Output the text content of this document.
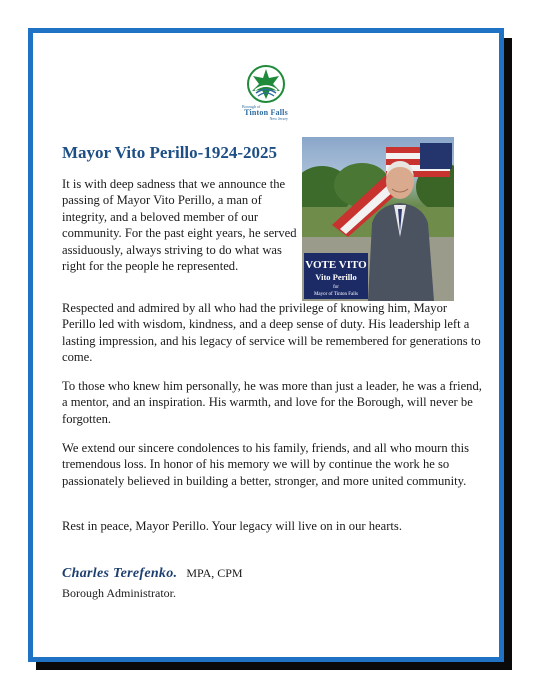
Borough of
Tinton Falls
New Jersey
Mayor Vito Perillo-1924-2025
VOTE VITO
Vito Perillo
for
Mayor of Tinton Falls

It is with deep sadness that we announce the passing of Mayor Vito Perillo, a man of integrity, and a beloved member of our community. For the past eight years, he served assiduously, always striving to do what was right for the people he represented.

Respected and admired by all who had the privilege of knowing him, Mayor Perillo led with wisdom, kindness, and a deep sense of duty. His leadership left a lasting impression, and his legacy of service will be remembered for generations to come.

To those who knew him personally, he was more than just a leader, he was a friend, a mentor, and an inspiration. His warmth, and love for the Borough, will never be forgotten.

We extend our sincere condolences to his family, friends, and all who mourn this tremendous loss. In honor of his memory we will by continue the work he so passionately believed in building a better, stronger, and more united community.

Rest in peace, Mayor Perillo. Your legacy will live on in our hearts.

Charles Terefenko. MPA, CPM
Borough Administrator.
